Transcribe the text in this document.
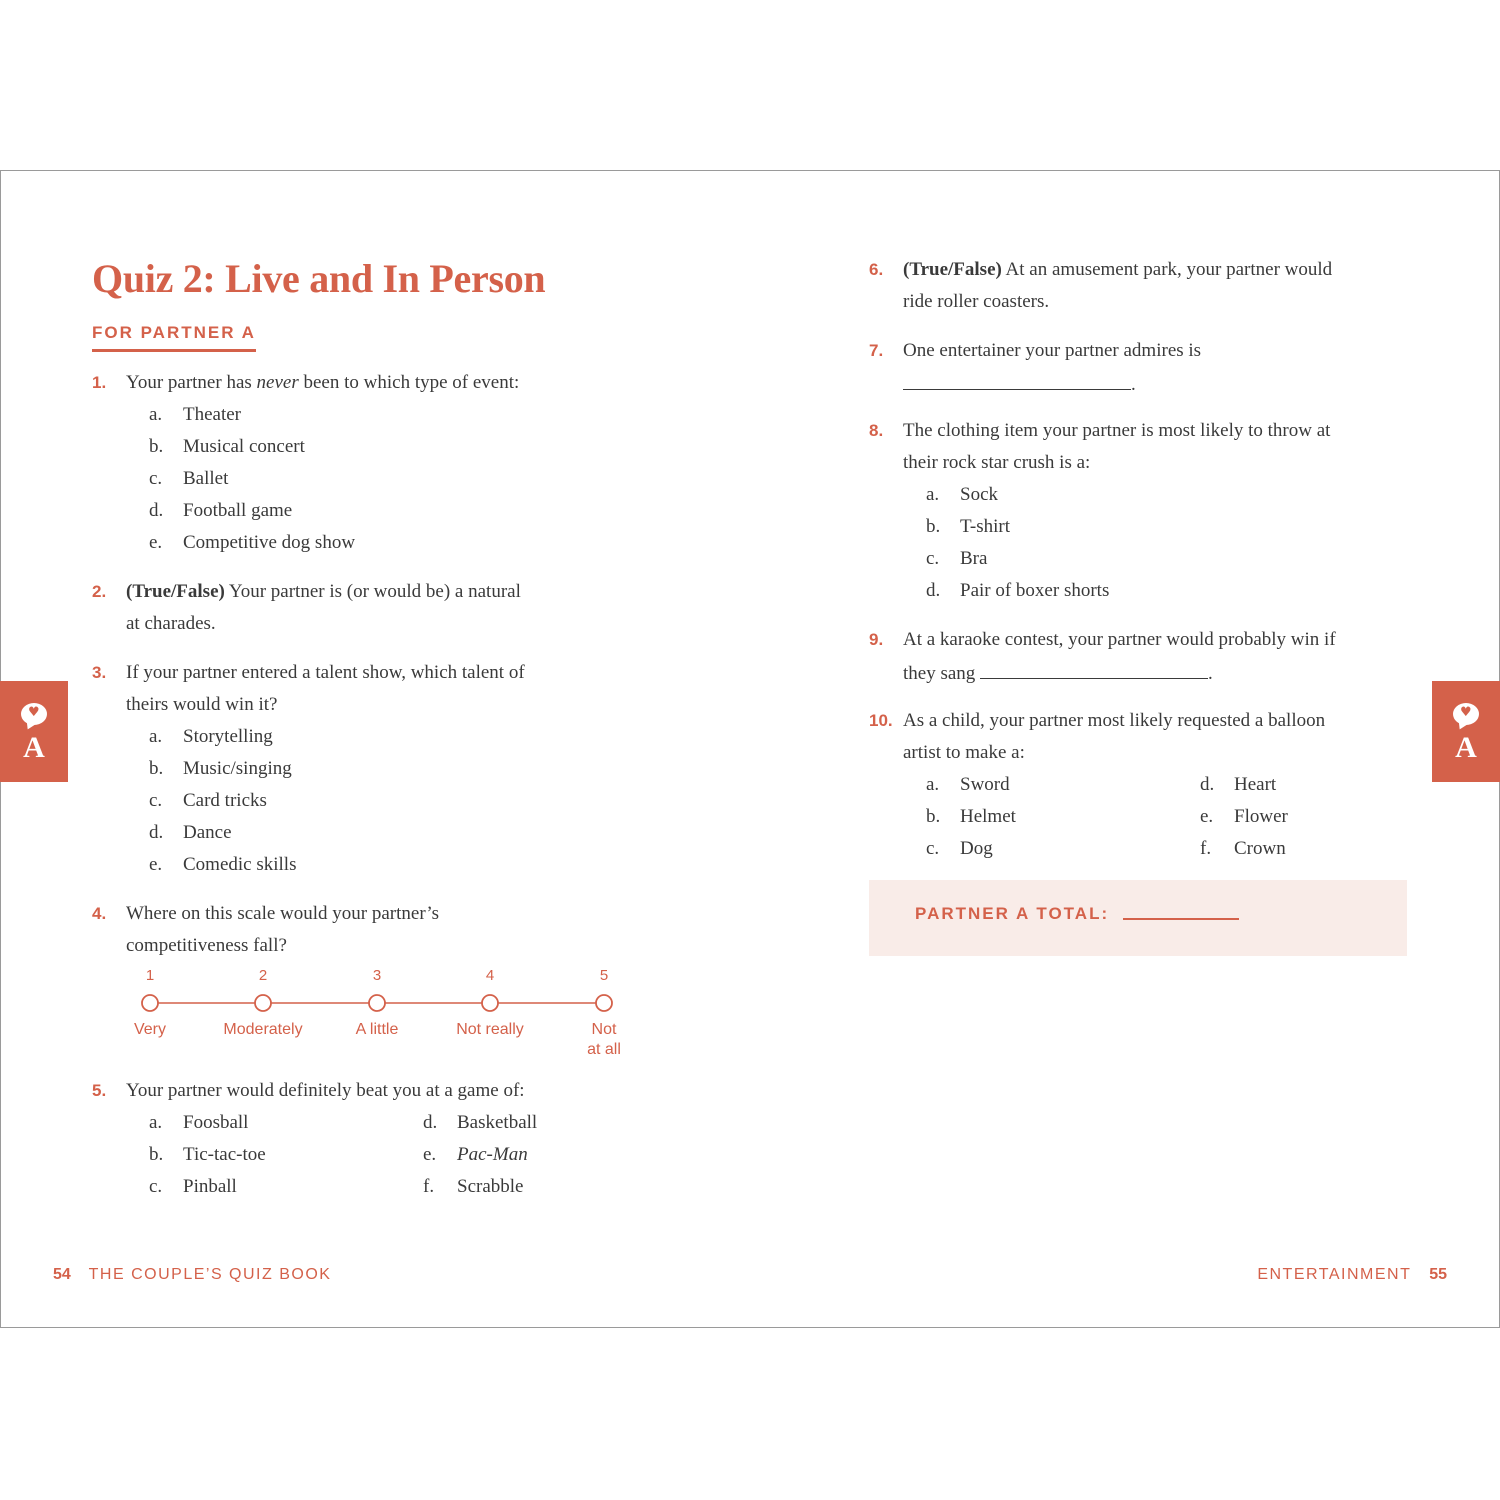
♥
A
♥
A
Quiz 2: Live and In Person
FOR PARTNER A
1. Your partner has never been to which type of event:
a. Theater
b. Musical concert
c. Ballet
d. Football game
e. Competitive dog show
2. (True/False) Your partner is (or would be) a natural
at charades.
3. If your partner entered a talent show, which talent of
theirs would win it?
a. Storytelling
b. Music/singing
c. Card tricks
d. Dance
e. Comedic skills
4. Where on this scale would your partner’s
competitiveness fall?
1	2	3	4	5
Very	Moderately	A little	Not really	Not
at all
5. Your partner would definitely beat you at a game of:
a. Foosball
b. Tic-tac-toe
c. Pinball
d. Basketball
e. Pac-Man
f. Scrabble
6. (True/False) At an amusement park, your partner would
ride roller coasters.
7. One entertainer your partner admires is
.
8. The clothing item your partner is most likely to throw at
their rock star crush is a:
a. Sock
b. T-shirt
c. Bra
d. Pair of boxer shorts
9. At a karaoke contest, your partner would probably win if
they sang	.
10. As a child, your partner most likely requested a balloon
artist to make a:
a. Sword
b. Helmet
c. Dog
d. Heart
e. Flower
f. Crown
PARTNER A TOTAL:
54 THE COUPLE’S QUIZ BOOK	ENTERTAINMENT 55
